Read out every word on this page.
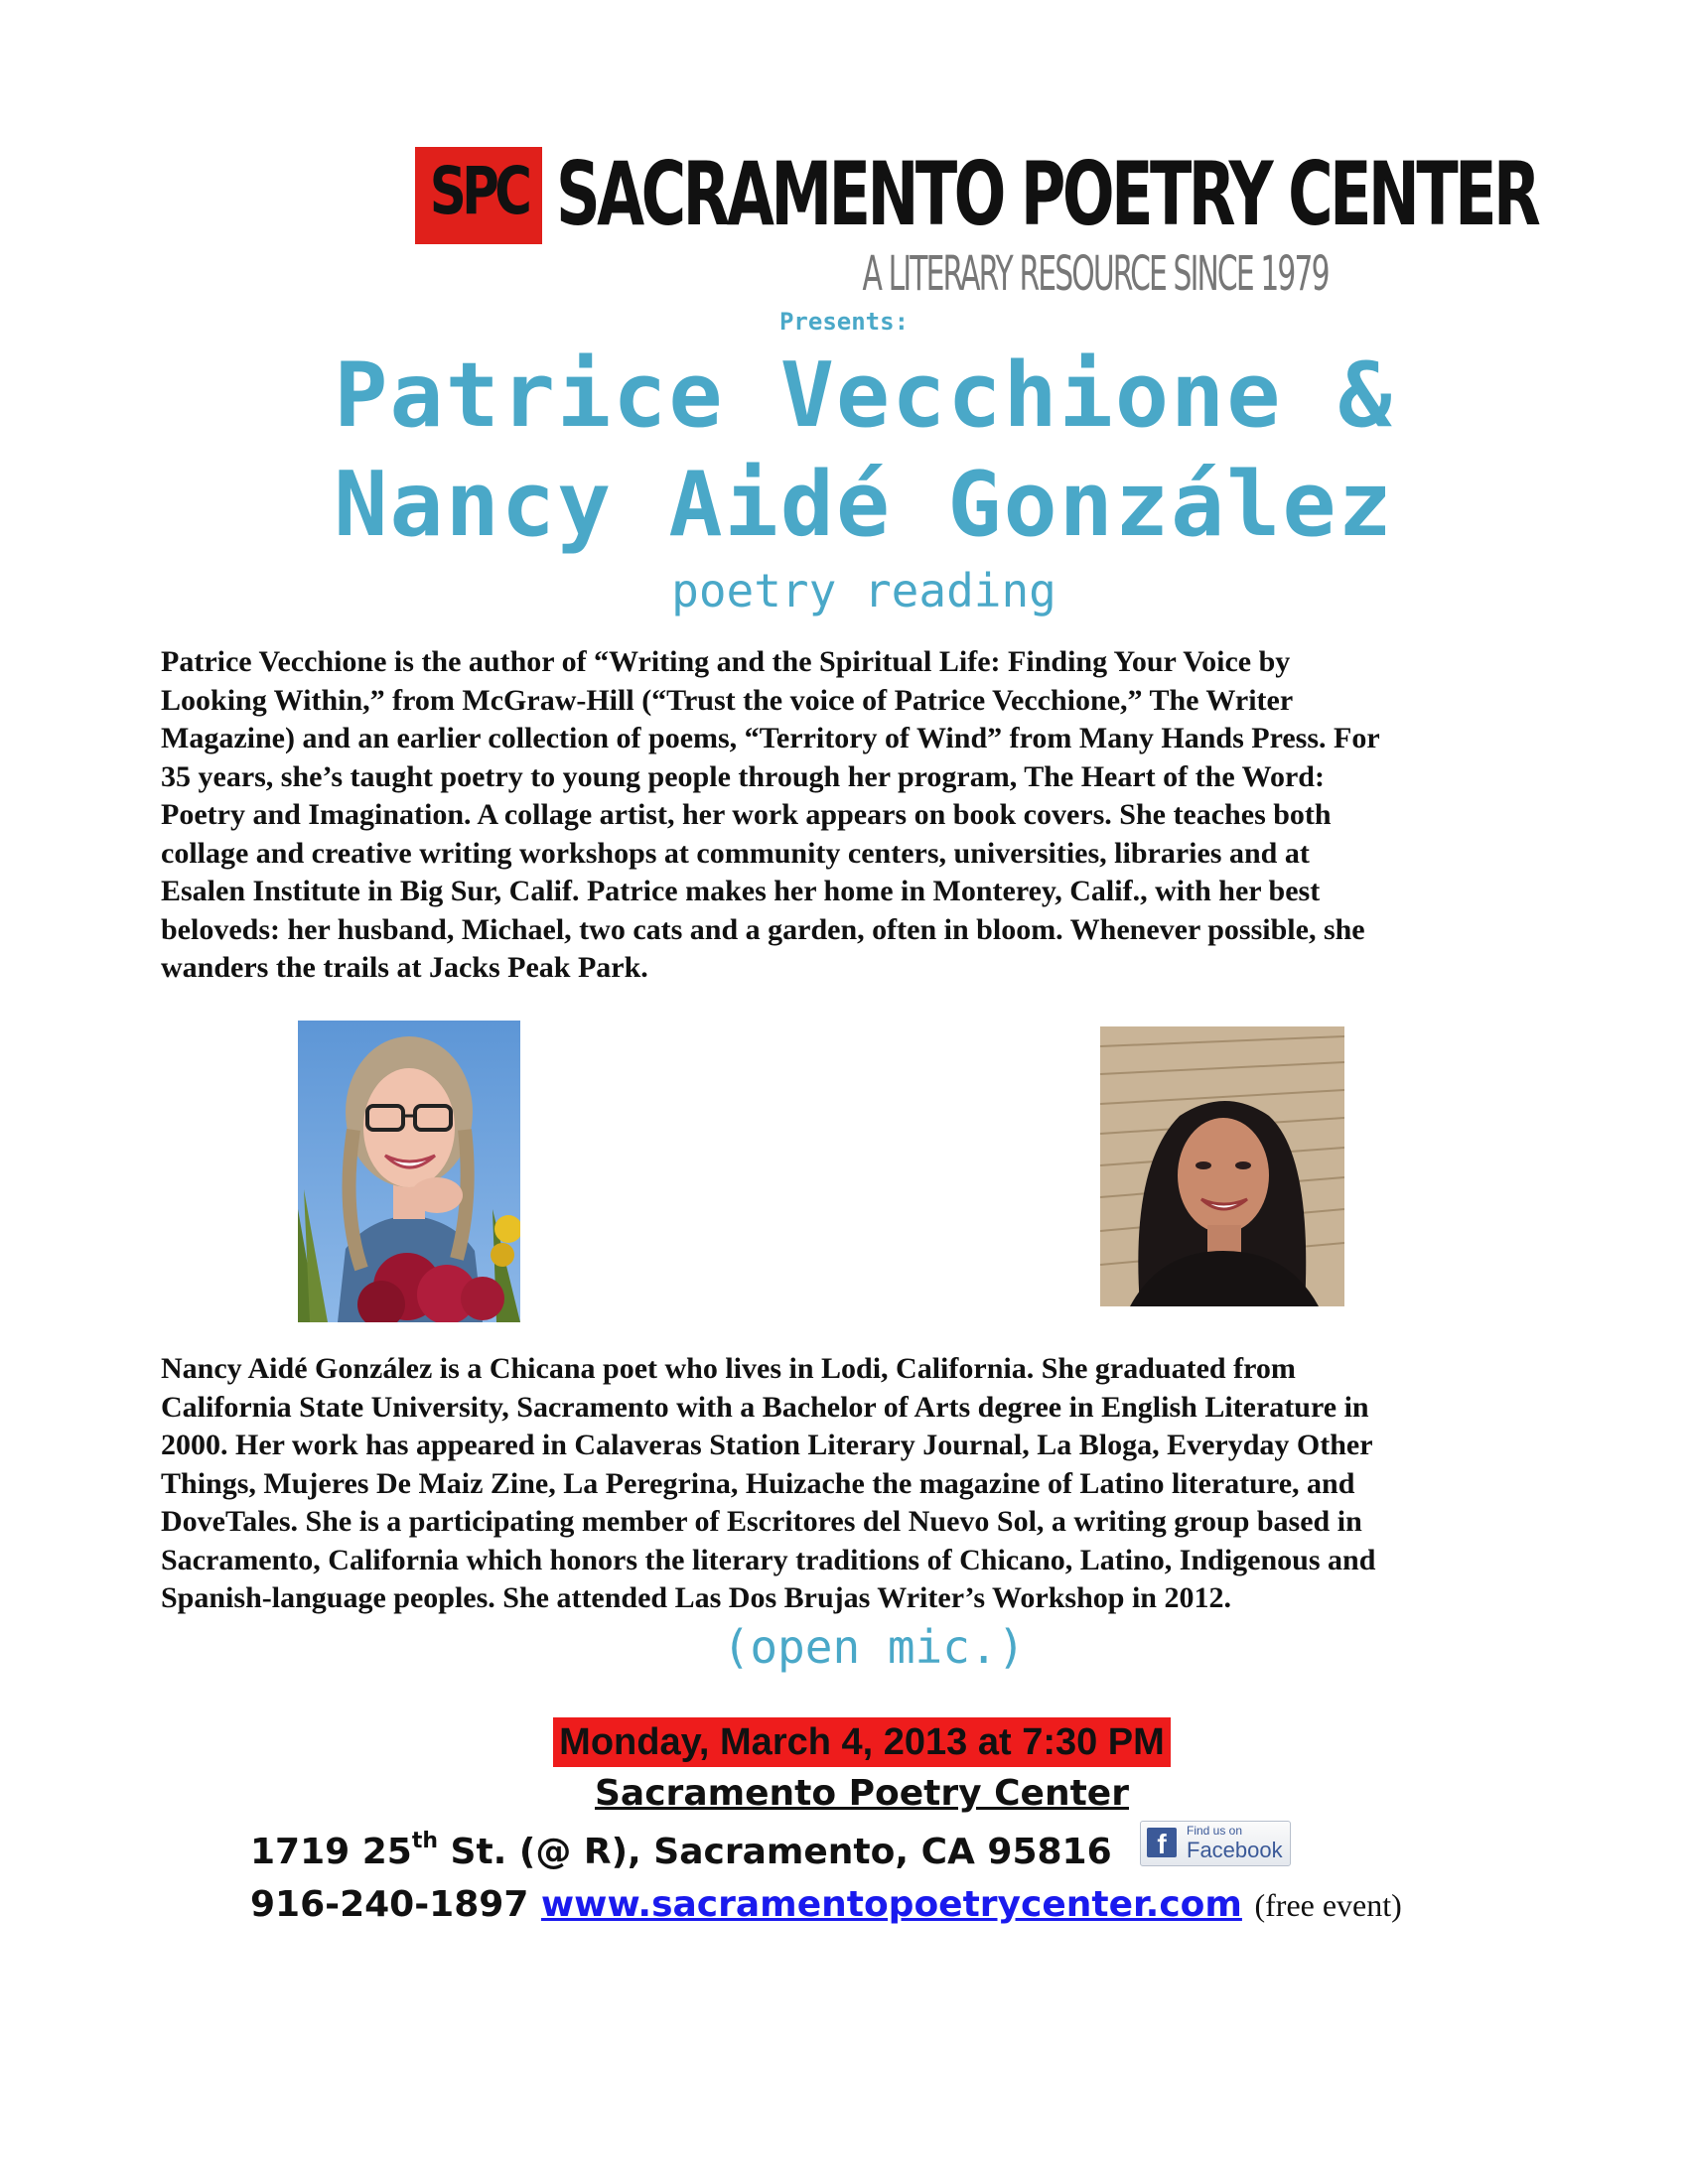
SPC SACRAMENTO POETRY CENTER
A LITERARY RESOURCE SINCE 1979
Presents:
Patrice Vecchione &
Nancy Aidé González
poetry reading
Patrice Vecchione is the author of “Writing and the Spiritual Life: Finding Your Voice by
Looking Within,” from McGraw-Hill (“Trust the voice of Patrice Vecchione,” The Writer
Magazine) and an earlier collection of poems, “Territory of Wind” from Many Hands Press. For
35 years, she’s taught poetry to young people through her program, The Heart of the Word:
Poetry and Imagination. A collage artist, her work appears on book covers. She teaches both
collage and creative writing workshops at community centers, universities, libraries and at
Esalen Institute in Big Sur, Calif. Patrice makes her home in Monterey, Calif., with her best
beloveds: her husband, Michael, two cats and a garden, often in bloom. Whenever possible, she
wanders the trails at Jacks Peak Park.
Nancy Aidé González is a Chicana poet who lives in Lodi, California. She graduated from
California State University, Sacramento with a Bachelor of Arts degree in English Literature in
2000. Her work has appeared in Calaveras Station Literary Journal, La Bloga, Everyday Other
Things, Mujeres De Maiz Zine, La Peregrina, Huizache the magazine of Latino literature, and
DoveTales. She is a participating member of Escritores del Nuevo Sol, a writing group based in
Sacramento, California which honors the literary traditions of Chicano, Latino, Indigenous and
Spanish-language peoples. She attended Las Dos Brujas Writer’s Workshop in 2012.
(open mic.)
Monday, March 4, 2013 at 7:30 PM
Sacramento Poetry Center
1719 25th St. (@ R), Sacramento, CA 95816	f	Find us on
Facebook
916-240-1897 www.sacramentopoetrycenter.com (free event)
